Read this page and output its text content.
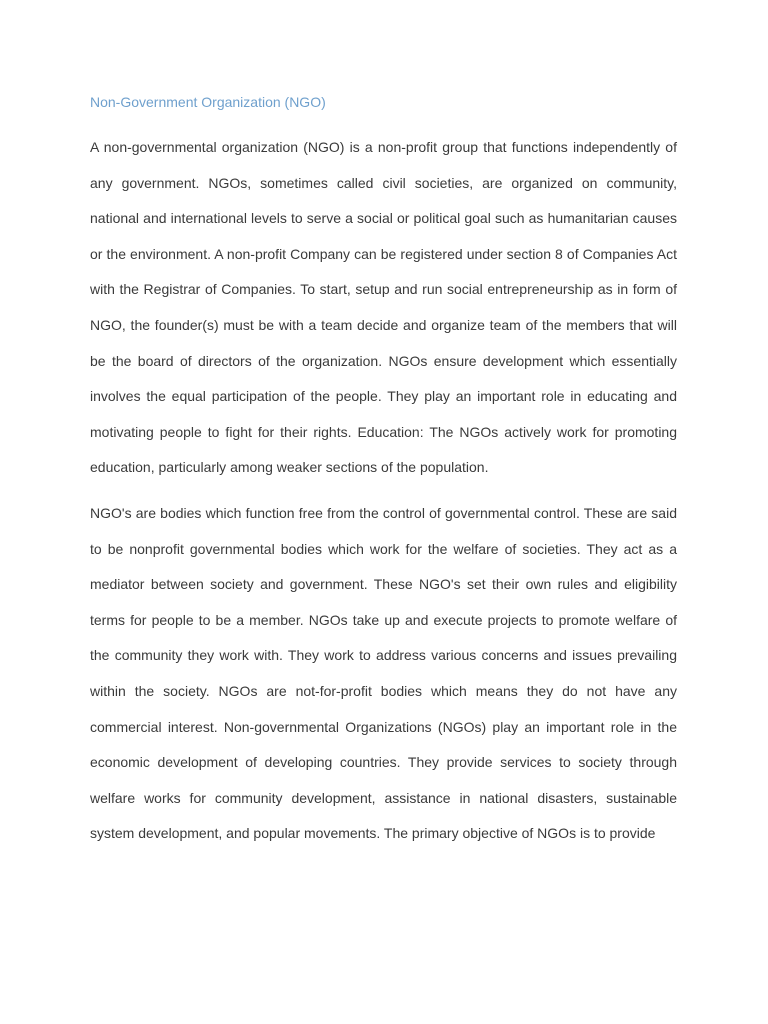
Non-Government Organization (NGO)

A non-governmental organization (NGO) is a non-profit group that functions independently of any government. NGOs, sometimes called civil societies, are organized on community, national and international levels to serve a social or political goal such as humanitarian causes or the environment. A non-profit Company can be registered under section 8 of Companies Act with the Registrar of Companies. To start, setup and run social entrepreneurship as in form of NGO, the founder(s) must be with a team decide and organize team of the members that will be the board of directors of the organization. NGOs ensure development which essentially involves the equal participation of the people. They play an important role in educating and motivating people to fight for their rights. Education: The NGOs actively work for promoting education, particularly among weaker sections of the population.

NGO's are bodies which function free from the control of governmental control. These are said to be nonprofit governmental bodies which work for the welfare of societies. They act as a mediator between society and government. These NGO's set their own rules and eligibility terms for people to be a member. NGOs take up and execute projects to promote welfare of the community they work with. They work to address various concerns and issues prevailing within the society. NGOs are not-for-profit bodies which means they do not have any commercial interest. Non-governmental Organizations (NGOs) play an important role in the economic development of developing countries. They provide services to society through welfare works for community development, assistance in national disasters, sustainable system development, and popular movements. The primary objective of NGOs is to provide
